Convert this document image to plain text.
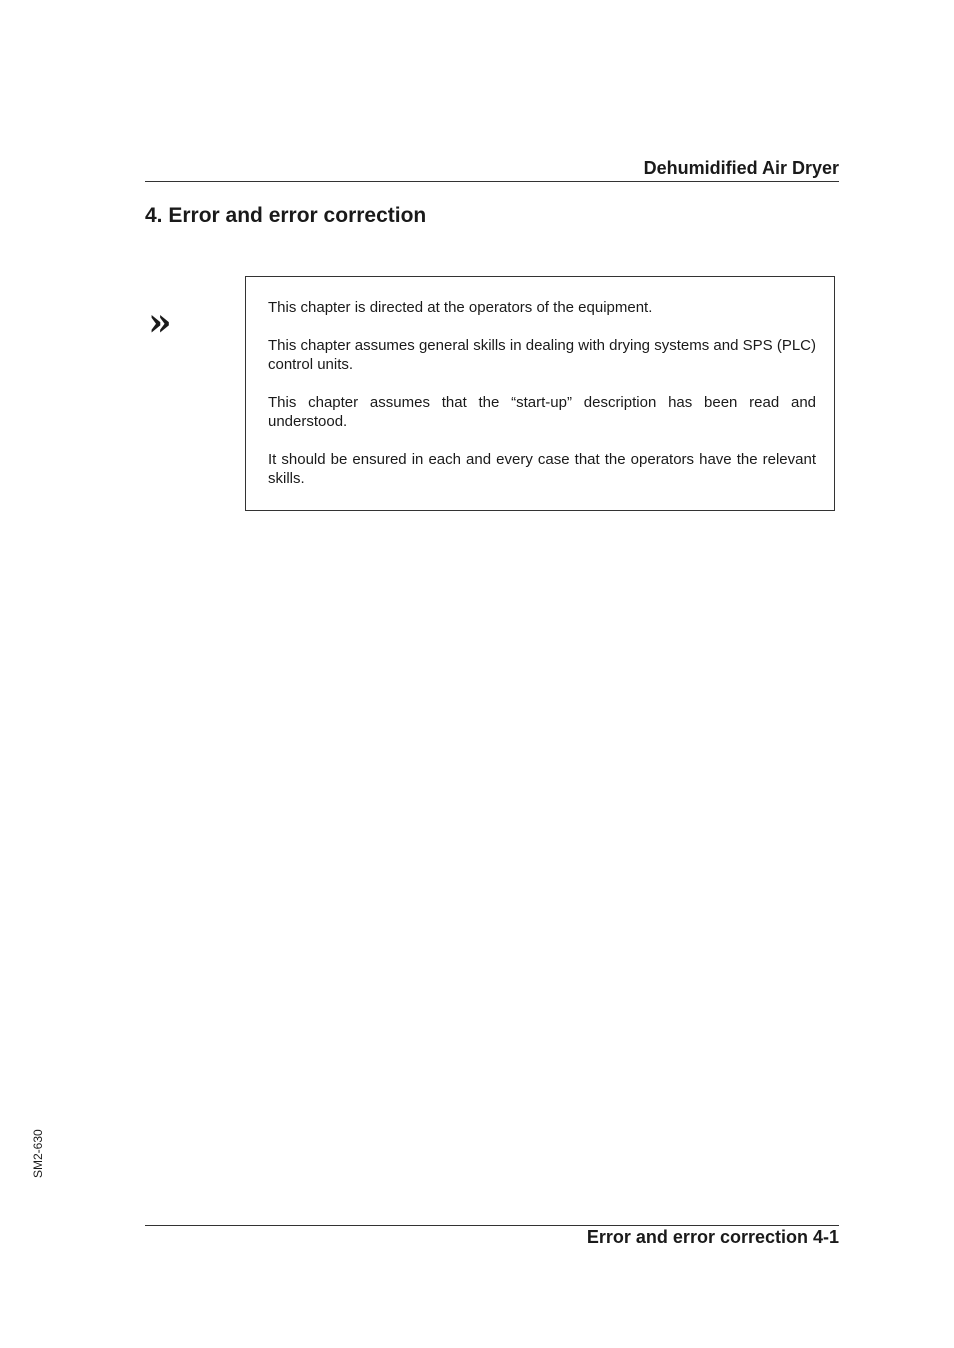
Dehumidified Air Dryer
4. Error and error correction
»	This chapter is directed at the operators of the equipment.

This chapter assumes general skills in dealing with drying systems and SPS (PLC) control units.

This chapter assumes that the “start-up” description has been read and understood.

It should be ensured in each and every case that the operators have the relevant skills.

SM2-630
Error and error correction 4-1
